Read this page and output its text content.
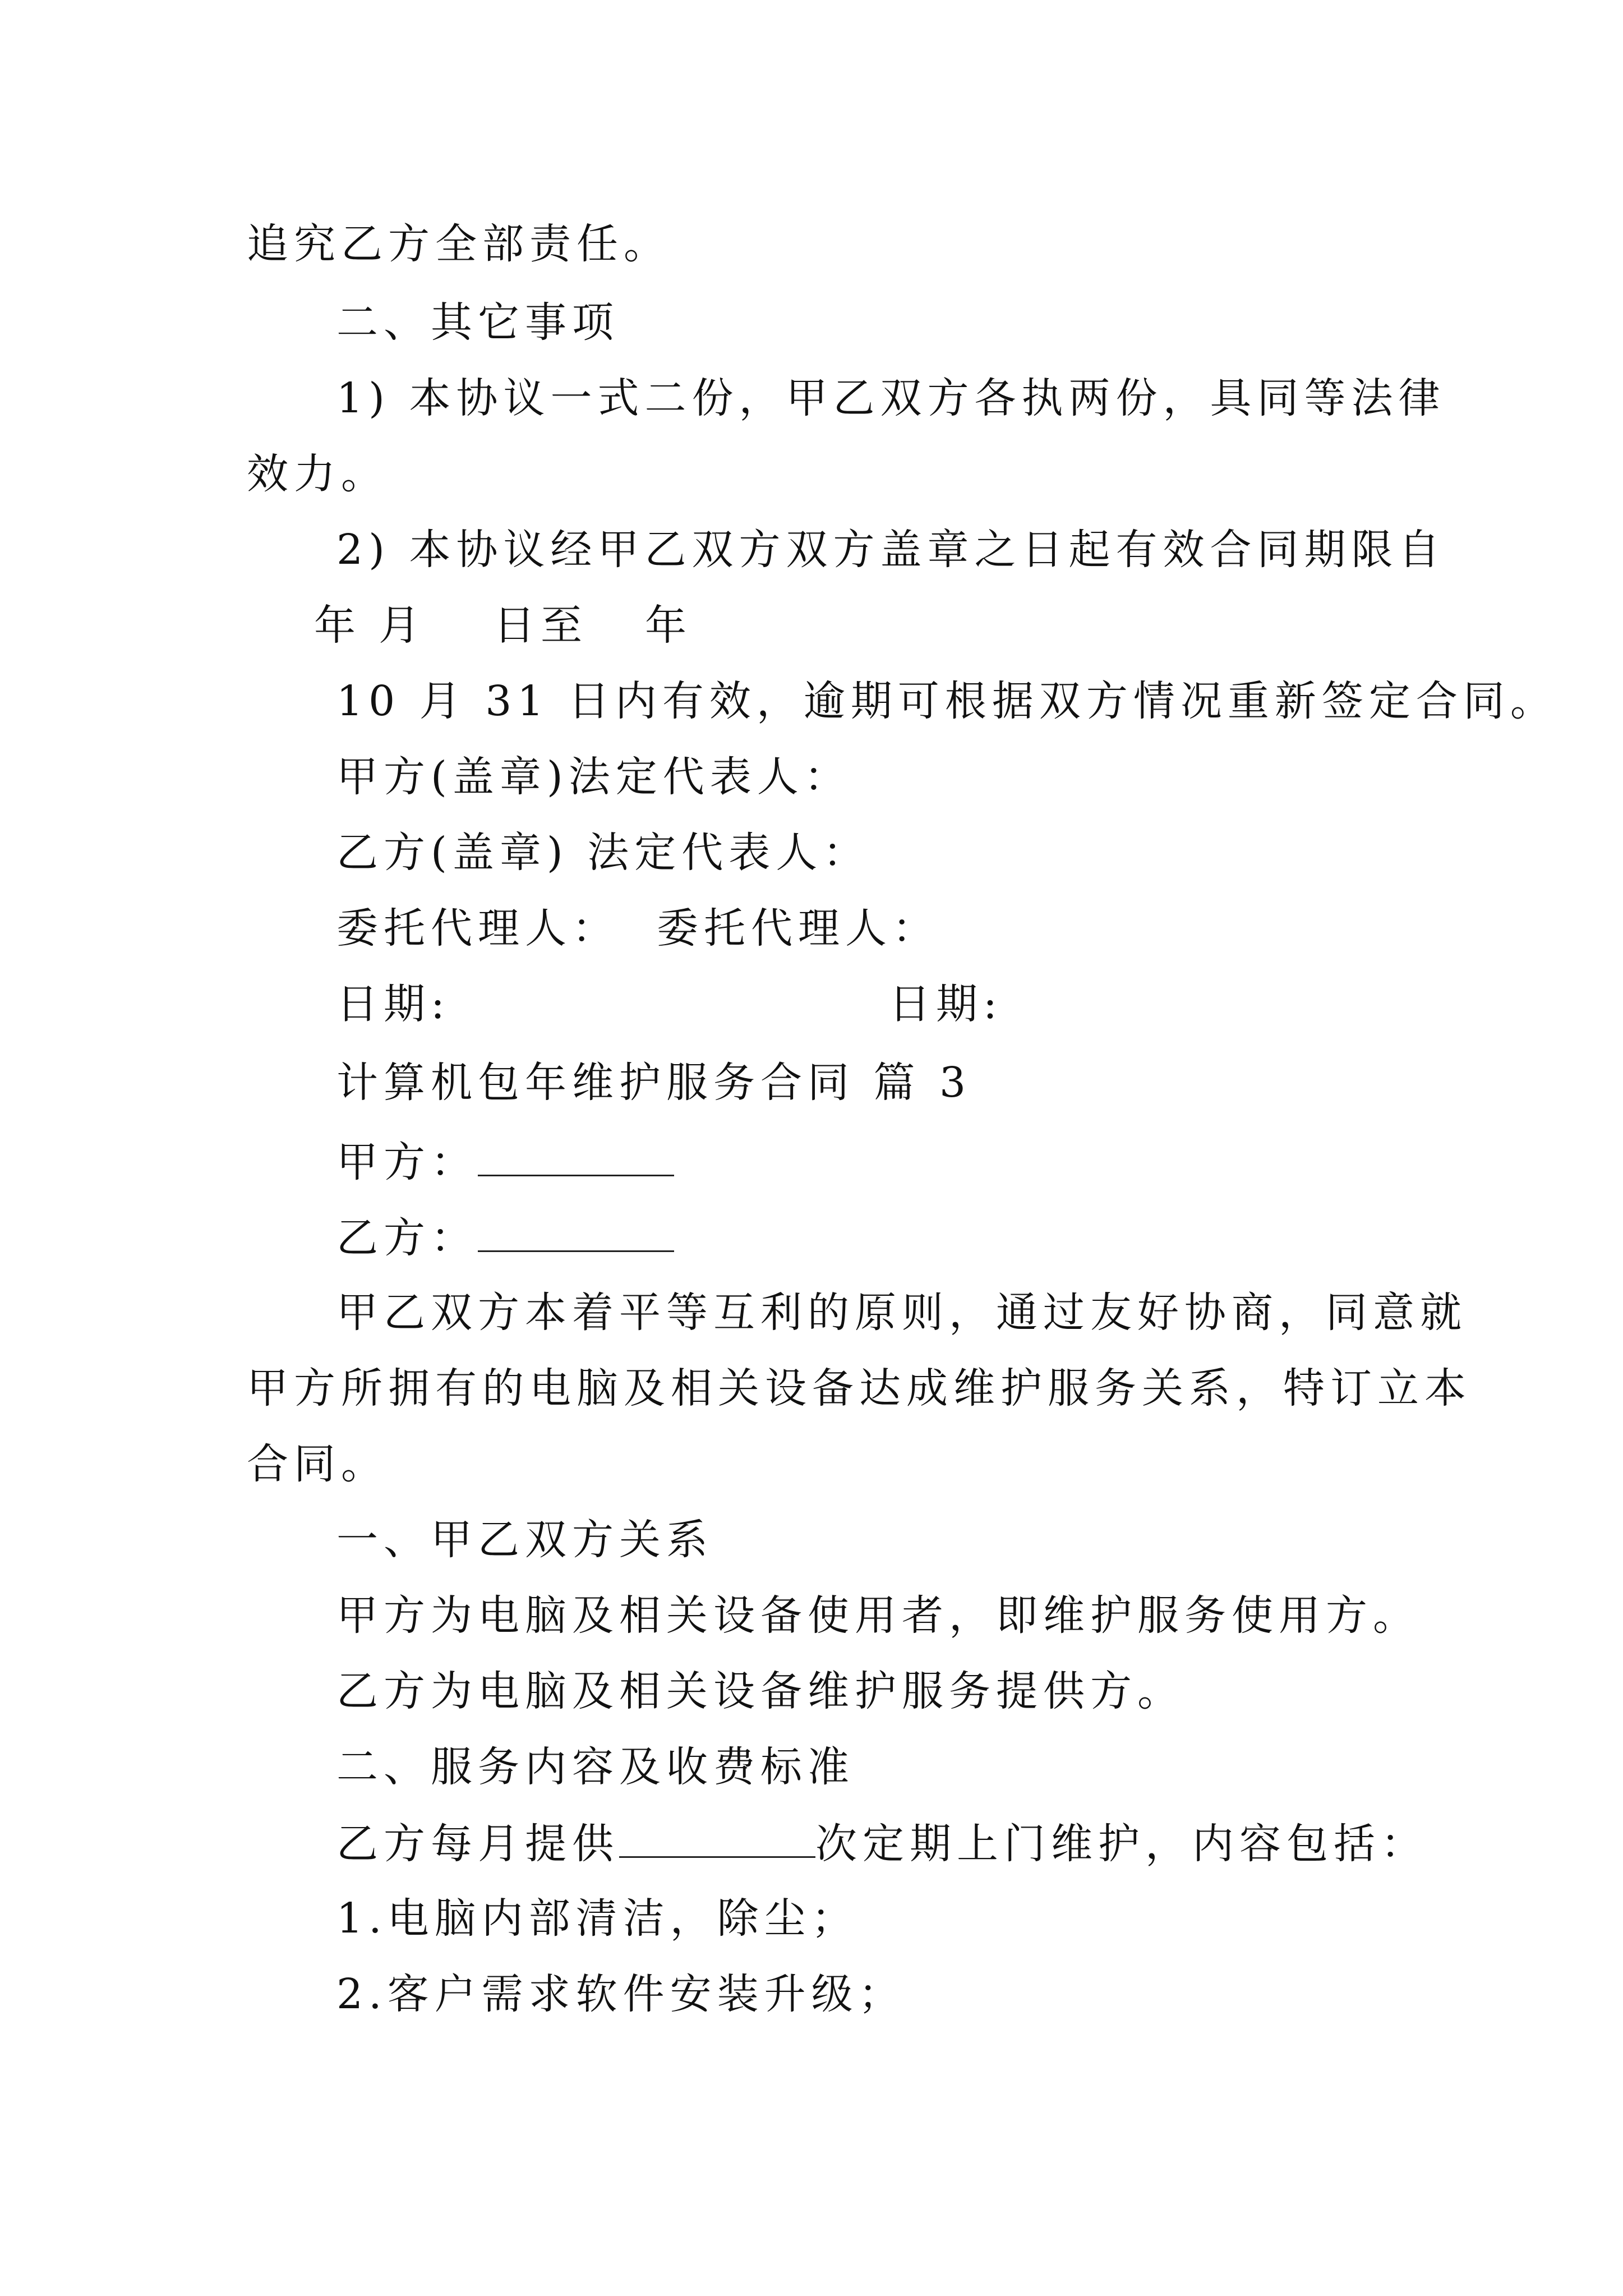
追究乙方全部责任。
二、其它事项
1) 本协议一式二份，甲乙双方各执两份，具同等法律
效力。
2) 本协议经甲乙双方双方盖章之日起有效合同期限自
年 月 日至 年
10 月 31 日内有效，逾期可根据双方情况重新签定合同。
甲方(盖章)法定代表人：
乙方(盖章) 法定代表人：
委托代理人：  委托代理人：
日期:	日期:
计算机包年维护服务合同 篇 3
甲方：
乙方：
甲乙双方本着平等互利的原则，通过友好协商，同意就
甲方所拥有的电脑及相关设备达成维护服务关系，特订立本
合同。
一、甲乙双方关系
甲方为电脑及相关设备使用者，即维护服务使用方。
乙方为电脑及相关设备维护服务提供方。
二、服务内容及收费标准
乙方每月提供	次定期上门维护，内容包括：
1.电脑内部清洁，除尘；
2.客户需求软件安装升级；
